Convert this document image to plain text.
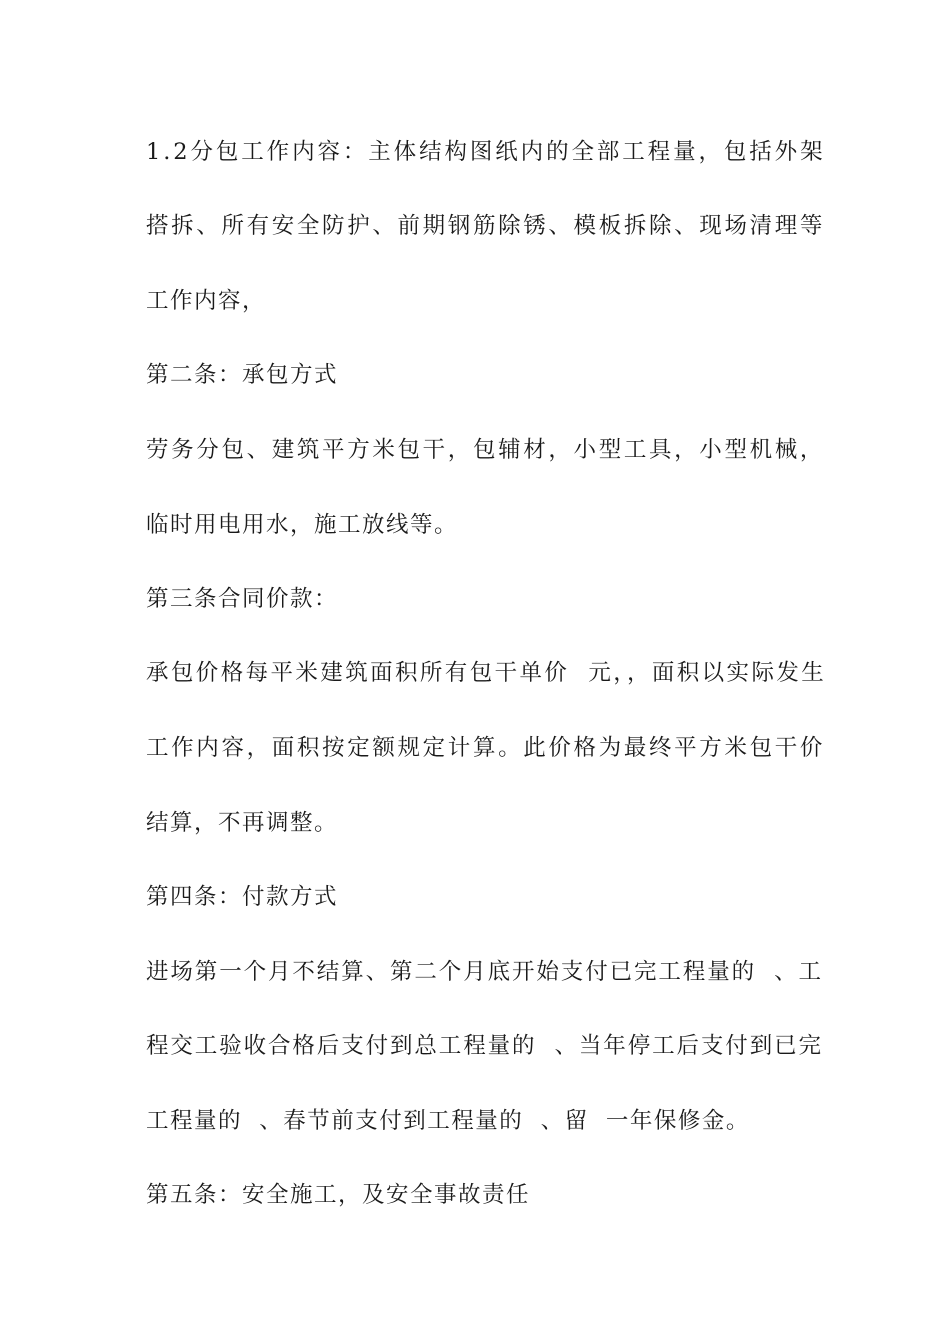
1.2分包工作内容：主体结构图纸内的全部工程量，包括外架
搭拆、所有安全防护、前期钢筋除锈、模板拆除、现场清理等
工作内容，
第二条：承包方式
劳务分包、建筑平方米包干，包辅材，小型工具，小型机械，
临时用电用水，施工放线等。
第三条合同价款：
承包价格每平米建筑面积所有包干单价  元，，面积以实际发生
工作内容，面积按定额规定计算。此价格为最终平方米包干价
结算，不再调整。
第四条：付款方式
进场第一个月不结算、第二个月底开始支付已完工程量的  、工
程交工验收合格后支付到总工程量的  、当年停工后支付到已完
工程量的  、春节前支付到工程量的  、留  一年保修金。
第五条：安全施工，及安全事故责任
